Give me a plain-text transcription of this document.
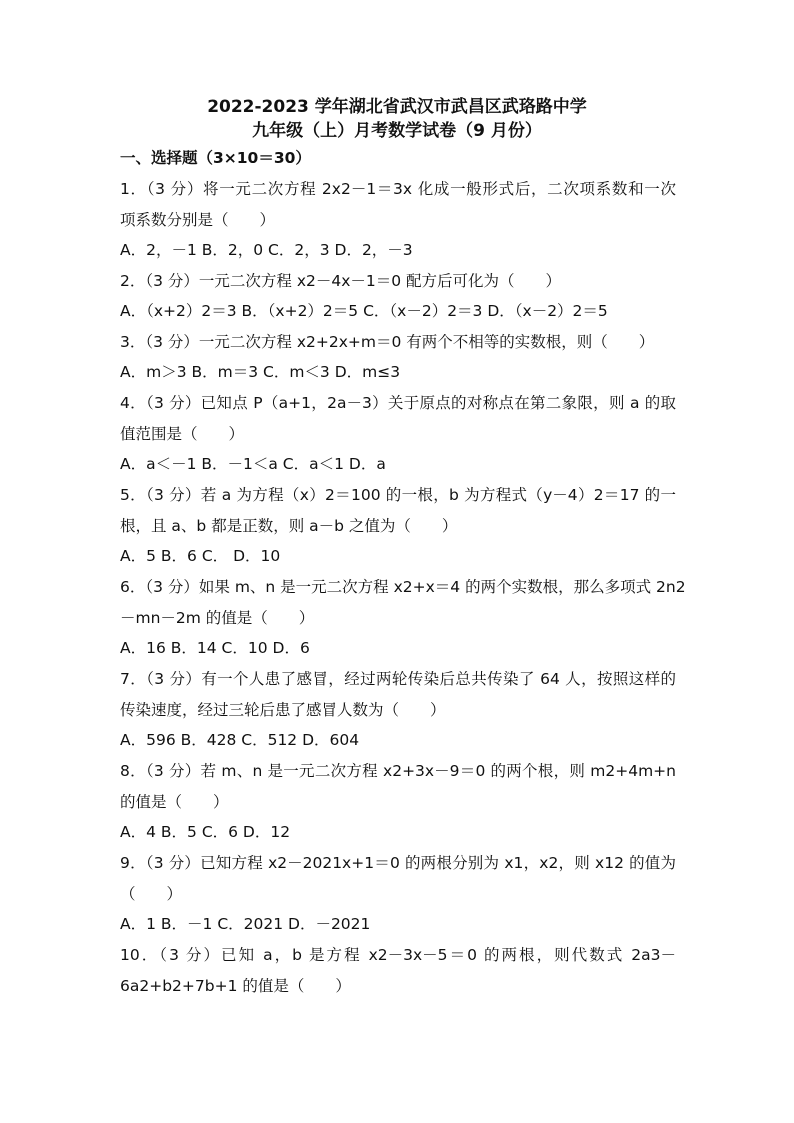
2022-2023 学年湖北省武汉市武昌区武珞路中学
九年级（上）月考数学试卷（9 月份）
一、选择题（3×10＝30）
1．（3 分）将一元二次方程 2x2－1＝3x 化成一般形式后，二次项系数和一次
项系数分别是（　　）
A．2，－1 B．2，0 C．2，3 D．2，－3
2．（3 分）一元二次方程 x2－4x－1＝0 配方后可化为（　　）
A．（x+2）2＝3 B．（x+2）2＝5 C．（x－2）2＝3 D．（x－2）2＝5
3．（3 分）一元二次方程 x2+2x+m＝0 有两个不相等的实数根，则（　　）
A．m＞3 B．m＝3 C．m＜3 D．m≤3
4．（3 分）已知点 P（a+1，2a－3）关于原点的对称点在第二象限，则 a 的取
值范围是（　　）
A．a＜－1 B．－1＜a C．a＜1 D．a
5．（3 分）若 a 为方程（x）2＝100 的一根，b 为方程式（y－4）2＝17 的一
根，且 a、b 都是正数，则 a－b 之值为（　　）
A．5 B．6 C． D．10
6．（3 分）如果 m、n 是一元二次方程 x2+x＝4 的两个实数根，那么多项式 2n2
－mn－2m 的值是（　　）
A．16 B．14 C．10 D．6
7．（3 分）有一个人患了感冒，经过两轮传染后总共传染了 64 人，按照这样的
传染速度，经过三轮后患了感冒人数为（　　）
A．596 B．428 C．512 D．604
8．（3 分）若 m、n 是一元二次方程 x2+3x－9＝0 的两个根，则 m2+4m+n
的值是（　　）
A．4 B．5 C．6 D．12
9．（3 分）已知方程 x2－2021x+1＝0 的两根分别为 x1，x2，则 x12 的值为
（　　）
A．1 B．－1 C．2021 D．－2021
10．（3 分）已知 a，b 是方程 x2－3x－5＝0 的两根，则代数式 2a3－
6a2+b2+7b+1 的值是（　　）
